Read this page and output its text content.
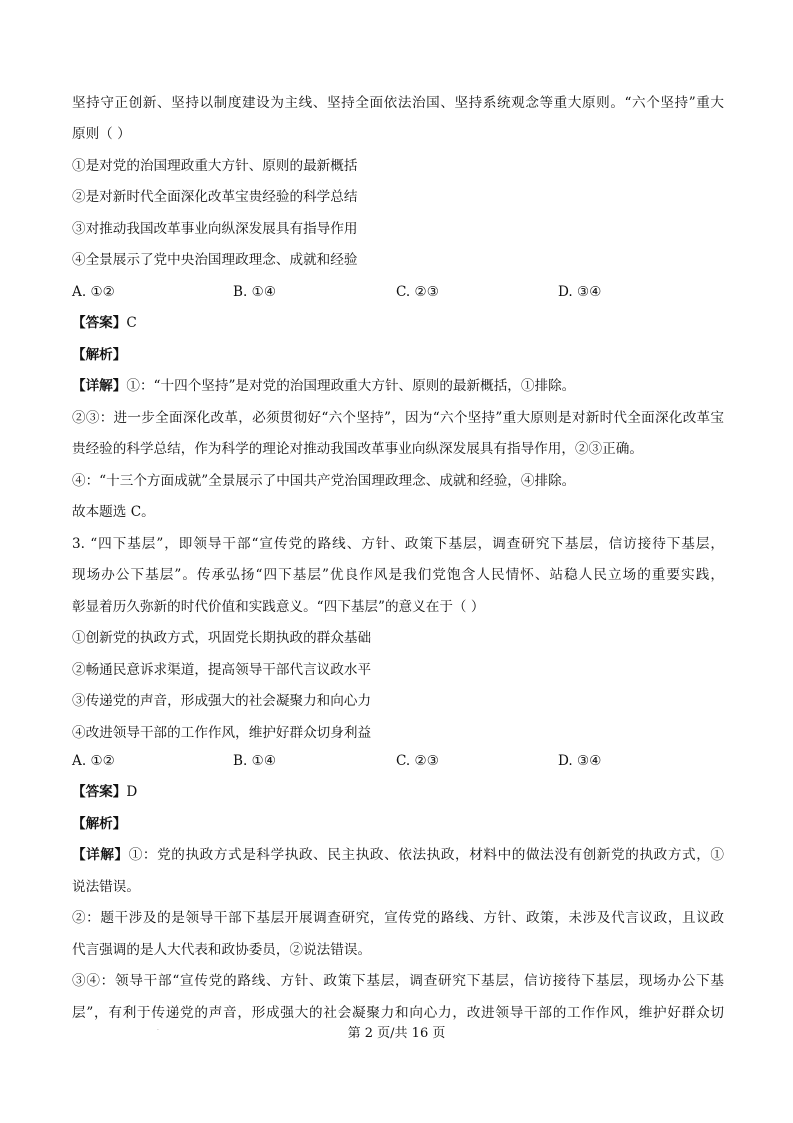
坚持守正创新、坚持以制度建设为主线、坚持全面依法治国、坚持系统观念等重大原则。“六个坚持”重大
原则（ ）
①是对党的治国理政重大方针、原则的最新概括
②是对新时代全面深化改革宝贵经验的科学总结
③对推动我国改革事业向纵深发展具有指导作用
④全景展示了党中央治国理政理念、成就和经验
A. ①②	B. ①④	C. ②③	D. ③④
【答案】C
【解析】
【详解】①：“十四个坚持”是对党的治国理政重大方针、原则的最新概括，①排除。
②③：进一步全面深化改革，必须贯彻好“六个坚持”，因为“六个坚持”重大原则是对新时代全面深化改革宝
贵经验的科学总结，作为科学的理论对推动我国改革事业向纵深发展具有指导作用，②③正确。
④：“十三个方面成就”全景展示了中国共产党治国理政理念、成就和经验，④排除。
故本题选 C。
3. “四下基层”，即领导干部“宣传党的路线、方针、政策下基层，调查研究下基层，信访接待下基层，
现场办公下基层”。传承弘扬“四下基层”优良作风是我们党饱含人民情怀、站稳人民立场的重要实践，
彰显着历久弥新的时代价值和实践意义。“四下基层”的意义在于（ ）
①创新党的执政方式，巩固党长期执政的群众基础
②畅通民意诉求渠道，提高领导干部代言议政水平
③传递党的声音，形成强大的社会凝聚力和向心力
④改进领导干部的工作作风，维护好群众切身利益
A. ①②	B. ①④	C. ②③	D. ③④
【答案】D
【解析】
【详解】①：党的执政方式是科学执政、民主执政、依法执政，材料中的做法没有创新党的执政方式，①
说法错误。
②：题干涉及的是领导干部下基层开展调查研究，宣传党的路线、方针、政策，未涉及代言议政，且议政
代言强调的是人大代表和政协委员，②说法错误。
③④：领导干部“宣传党的路线、方针、政策下基层，调查研究下基层，信访接待下基层，现场办公下基
层”，有利于传递党的声音，形成强大的社会凝聚力和向心力，改进领导干部的工作作风，维护好群众切
·	第 2 页/共 16 页
